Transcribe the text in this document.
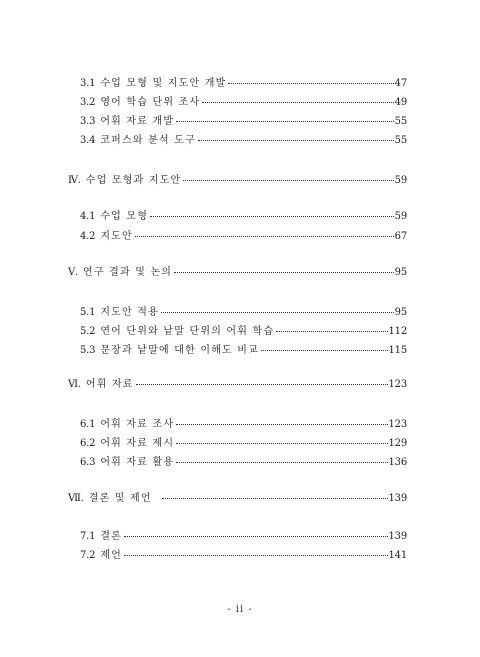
3.1 수업 모형 및 지도안 개발	47
3.2 영어 학습 단위 조사	49
3.3 어휘 자료 개발	55
3.4 코퍼스와 분석 도구	55
Ⅳ. 수업 모형과 지도안	59
4.1 수업 모형	59
4.2 지도안	67
Ⅴ. 연구 결과 및 논의	95
5.1 지도안 적용	95
5.2 연어 단위와 낱말 단위의 어휘 학습	112
5.3 문장과 낱말에 대한 이해도 비교	115
Ⅵ. 어휘 자료	123
6.1 어휘 자료 조사	123
6.2 어휘 자료 제시	129
6.3 어휘 자료 활용	136
Ⅶ. 결론 및 제언	139
7.1 결론	139
7.2 제언	141
- ii -
